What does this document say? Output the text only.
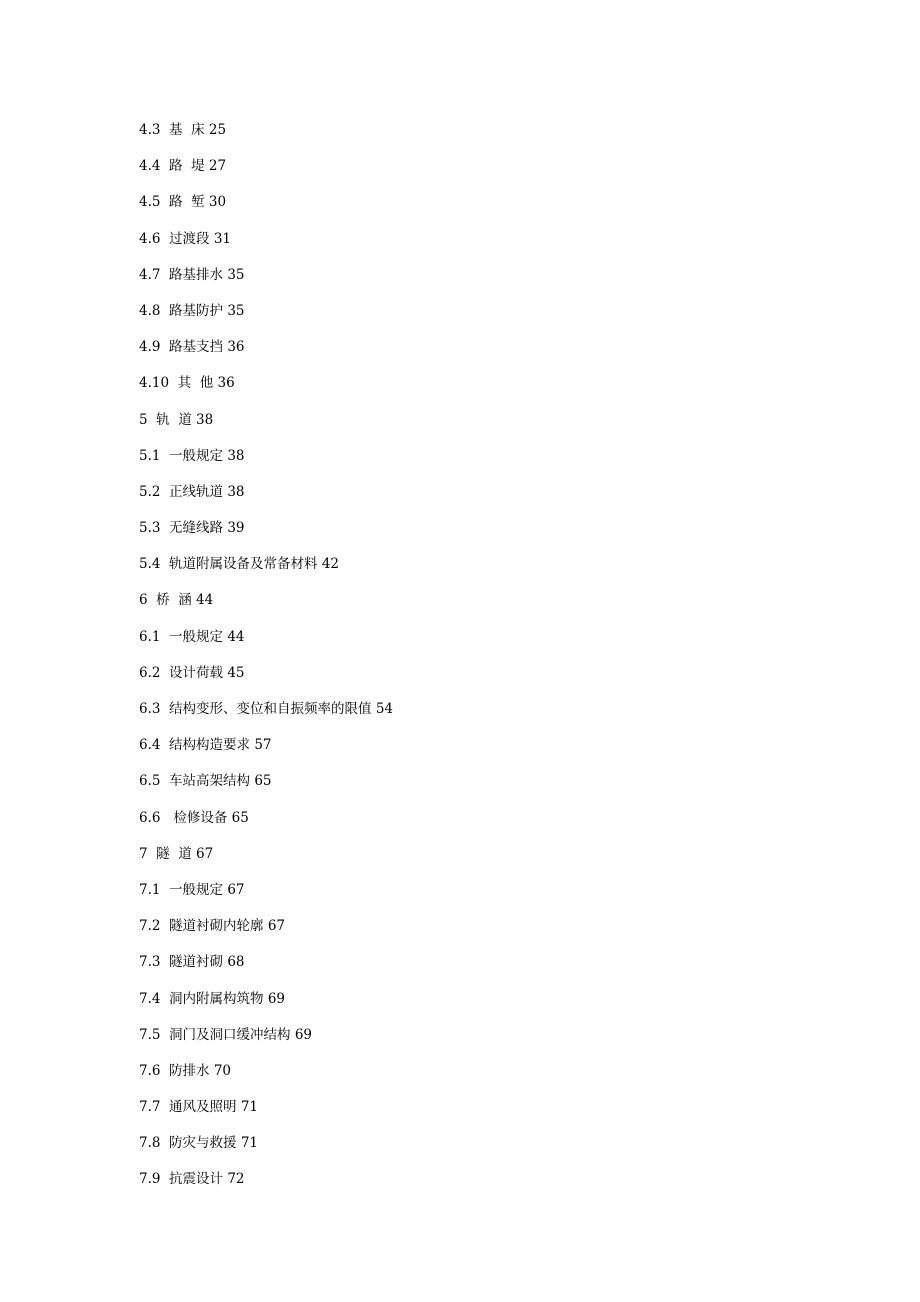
4.3  基  床 25
4.4  路  堤 27
4.5  路  堑 30
4.6  过渡段 31
4.7  路基排水 35
4.8  路基防护 35
4.9  路基支挡 36
4.10  其  他 36
5  轨  道 38
5.1  一般规定 38
5.2  正线轨道 38
5.3  无缝线路 39
5.4  轨道附属设备及常备材料 42
6  桥  涵 44
6.1  一般规定 44
6.2  设计荷载 45
6.3  结构变形、变位和自振频率的限值 54
6.4  结构构造要求 57
6.5  车站高架结构 65
6.6   检修设备 65
7  隧  道 67
7.1  一般规定 67
7.2  隧道衬砌内轮廓 67
7.3  隧道衬砌 68
7.4  洞内附属构筑物 69
7.5  洞门及洞口缓冲结构 69
7.6  防排水 70
7.7  通风及照明 71
7.8  防灾与救援 71
7.9  抗震设计 72
